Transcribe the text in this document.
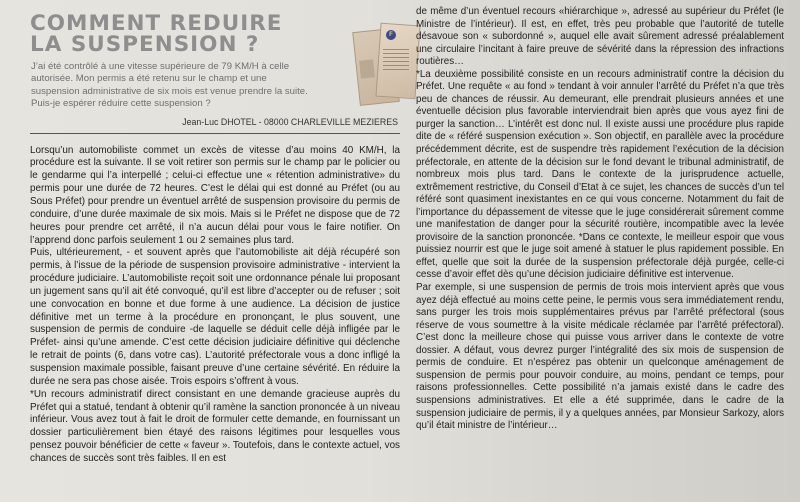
COMMENT REDUIRE
LA SUSPENSION ?
J’ai été contrôlé à une vitesse supérieure de 79 KM/H à celle autorisée. Mon permis a été retenu sur le champ et une suspension administrative de six mois est venue prendre la suite. Puis-je espérer réduire cette suspension ?
Jean-Luc DHOTEL - 08000 CHARLEVILLE MEZIERES

Lorsqu’un automobiliste commet un excès de vitesse d’au moins 40 KM/H, la procédure est la suivante. Il se voit retirer son permis sur le champ par le policier ou le gendarme qui l’a interpellé ; celui-ci effectue une « rétention administrative» du permis pour une durée de 72 heures. C’est le délai qui est donné au Préfet (ou au Sous Préfet) pour prendre un éventuel arrêté de suspension provisoire du permis de conduire, d’une durée maximale de six mois. Mais si le Préfet ne dispose que de 72 heures pour prendre cet arrêté, il n’a aucun délai pour vous le faire notifier. On l’apprend donc parfois seulement 1 ou 2 semaines plus tard.

Puis, ultérieurement, - et souvent après que l’automobiliste ait déjà récupéré son permis, à l’issue de la période de suspension provisoire administrative - intervient la procédure judiciaire. L’automobiliste reçoit soit une ordonnance pénale lui proposant un jugement sans qu’il ait été convoqué, qu’il est libre d’accepter ou de refuser ; soit une convocation en bonne et due forme à une audience. La décision de justice définitive met un terme à la procédure en prononçant, le plus souvent, une suspension de permis de conduire -de laquelle se déduit celle déjà infligée par le Préfet- ainsi qu’une amende. C’est cette décision judiciaire définitive qui déclenche le retrait de points (6, dans votre cas). L’autorité préfectorale vous a donc infligé la suspension maximale possible, faisant preuve d’une certaine sévérité. En réduire la durée ne sera pas chose aisée. Trois espoirs s’offrent à vous.

*Un recours administratif direct consistant en une demande gracieuse auprès du Préfet qui a statué, tendant à obtenir qu’il ramène la sanction prononcée à un niveau inférieur. Vous avez tout à fait le droit de formuler cette demande, en fournissant un dossier particulièrement bien étayé des raisons légitimes pour lesquelles vous pensez pouvoir bénéficier de cette « faveur ». Toutefois, dans le contexte actuel, vos chances de succès sont très faibles. Il en est

F

de même d’un éventuel recours «hiérarchique », adressé au supérieur du Préfet (le Ministre de l’intérieur). Il est, en effet, très peu probable que l’autorité de tutelle désavoue son « subordonné », auquel elle avait sûrement adressé préalablement une circulaire l’incitant à faire preuve de sévérité dans la répression des infractions routières…

*La deuxième possibilité consiste en un recours administratif contre la décision du Préfet. Une requête « au fond » tendant à voir annuler l’arrêté du Préfet n’a que très peu de chances de réussir. Au demeurant, elle prendrait plusieurs années et une éventuelle décision plus favorable interviendrait bien après que vous ayez fini de purger la sanction… L’intérêt est donc nul. Il existe aussi une procédure plus rapide dite de « référé suspension exécution ». Son objectif, en parallèle avec la procédure précédemment décrite, est de suspendre très rapidement l’exécution de la décision préfectorale, en attente de la décision sur le fond devant le tribunal administratif, de nombreux mois plus tard. Dans le contexte de la jurisprudence actuelle, extrêmement restrictive, du Conseil d’Etat à ce sujet, les chances de succès d’un tel référé sont quasiment inexistantes en ce qui vous concerne. Notamment du fait de l’importance du dépassement de vitesse que le juge considérerait sûrement comme une manifestation de danger pour la sécurité routière, incompatible avec la levée provisoire de la sanction prononcée. *Dans ce contexte, le meilleur espoir que vous puissiez nourrir est que le juge soit amené à statuer le plus rapidement possible. En effet, quelle que soit la durée de la suspension préfectorale déjà purgée, celle-ci cesse d’avoir effet dès qu’une décision judiciaire définitive est intervenue.

Par exemple, si une suspension de permis de trois mois intervient après que vous ayez déjà effectué au moins cette peine, le permis vous sera immédiatement rendu, sans purger les trois mois supplémentaires prévus par l’arrêté préfectoral (sous réserve de vous soumettre à la visite médicale réclamée par l’arrêté préfectoral). C’est donc la meilleure chose qui puisse vous arriver dans le contexte de votre dossier. A défaut, vous devrez purger l’intégralité des six mois de suspension de permis de conduire. Et n’espérez pas obtenir un quelconque aménagement de suspension de permis pour pouvoir conduire, au moins, pendant ce temps, pour raisons professionnelles. Cette possibilité n’a jamais existé dans le cadre des suspensions administratives. Et elle a été supprimée, dans le cadre de la suspension judiciaire de permis, il y a quelques années, par Monsieur Sarkozy, alors qu’il était ministre de l’intérieur…
